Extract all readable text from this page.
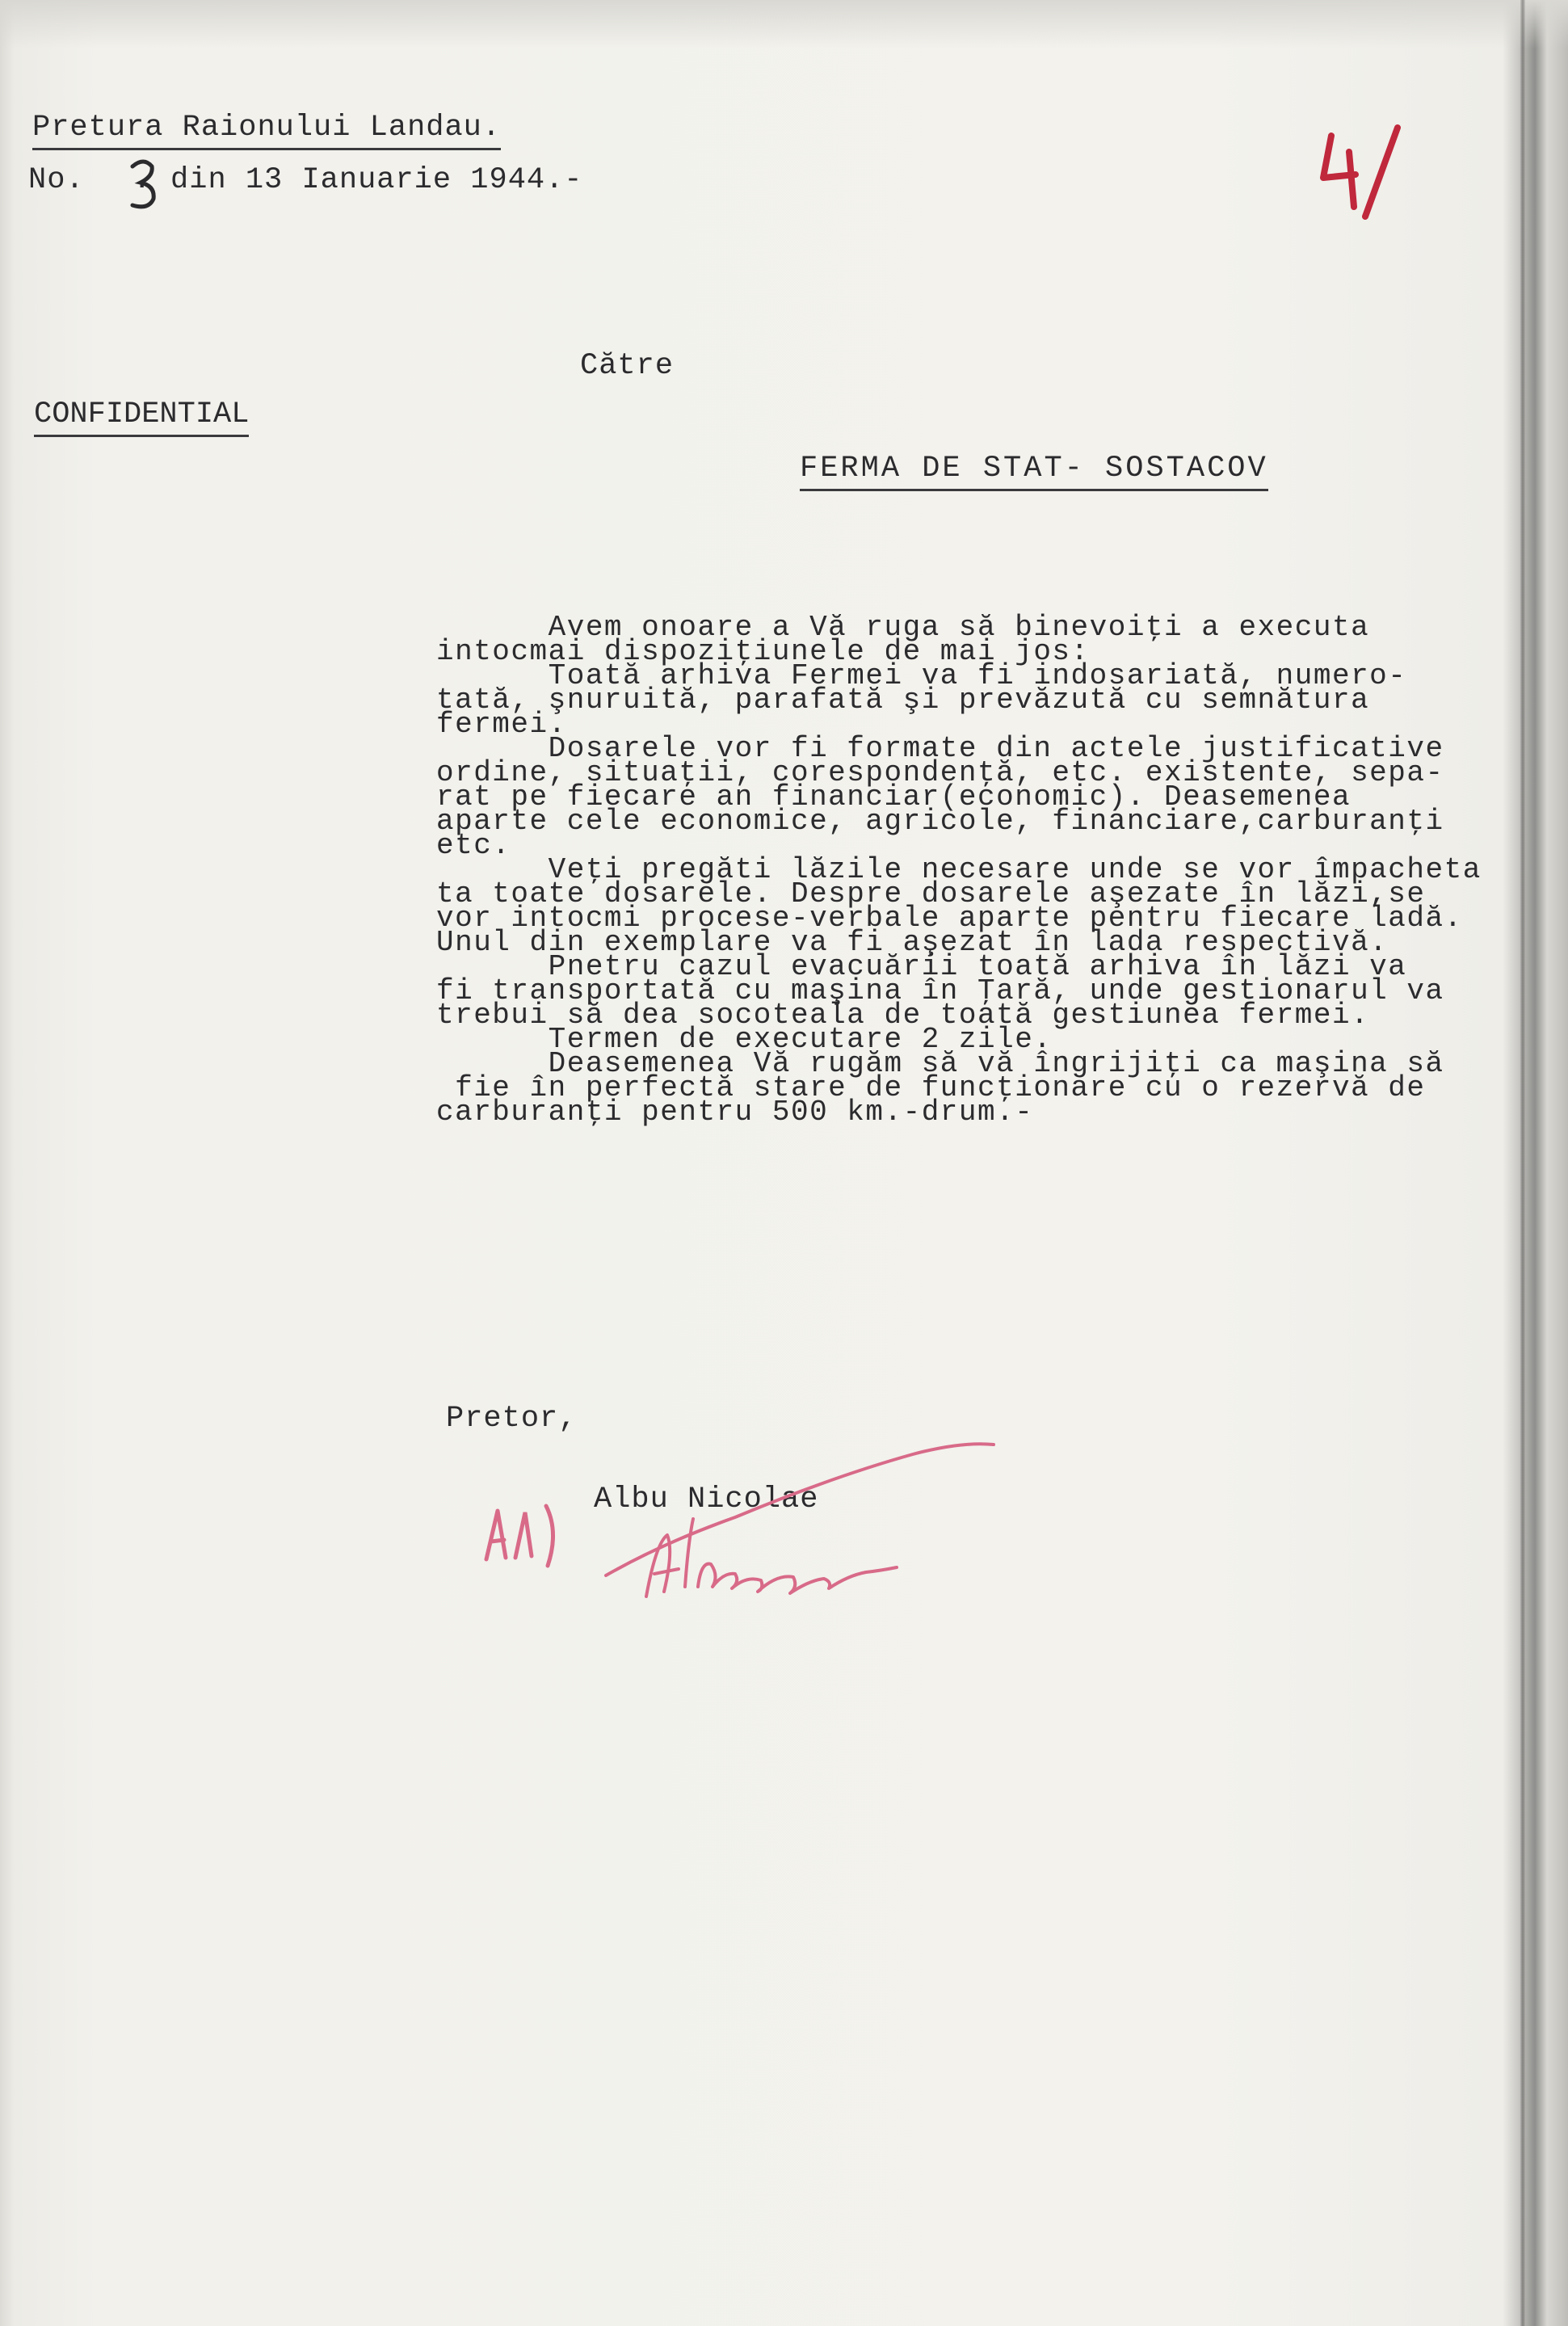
Pretura Raionului Landau.
No. . din 13 Ianuarie 1944.-
Către
CONFIDENTIAL
FERMA DE STAT- SOSTACOV
Avem onoare a Vă ruga să binevoiţi a executa
intocmai dispoziţiunele de mai jos:
Toată arhiva Fermei va fi indosariată, numero-
tată, şnuruită, parafată şi prevăzută cu semnătura
fermei.
Dosarele vor fi formate din actele justificative
ordine, situaţii, corespondenţă, etc. existente, sepa-
rat pe fiecare an financiar(economic). Deasemenea
aparte cele economice, agricole, financiare,carburanţi
etc.
Veţi pregăti lăzile necesare unde se vor împacheta
ta toate dosarele. Despre dosarele aşezate în lăzi,se
vor intocmi procese-verbale aparte pentru fiecare ladă.
Unul din exemplare va fi aşezat în lada respectivă.
Pnetru cazul evacuării toată arhiva în lăzi va
fi transportată cu maşina în Ţară, unde gestionarul va
trebui să dea socoteala de toată gestiunea fermei.
Termen de executare 2 zile.
Deasemenea Vă rugăm să vă îngrijiţi ca maşina să
fie în perfectă stare de funcţionare cu o rezervă de
carburanţi pentru 500 km.-drum.-
Pretor,
Albu Nicolae
